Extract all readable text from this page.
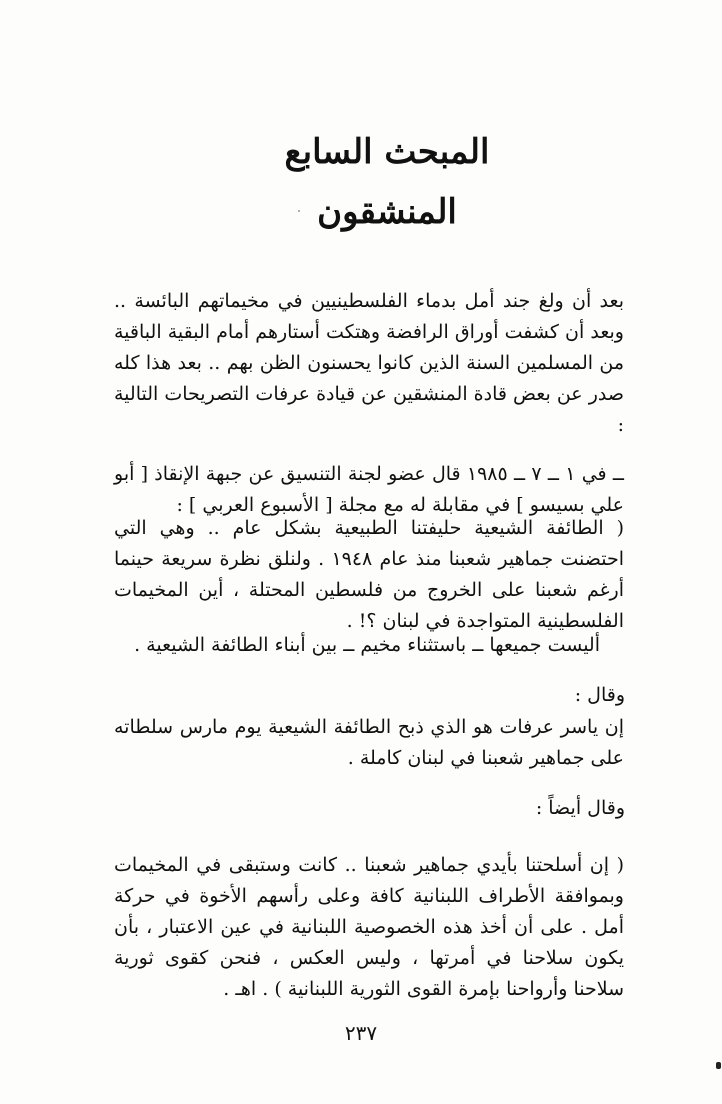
المبحث السابع
المنشقون
بعد أن ولغ جند أمل بدماء الفلسطينيين في مخيماتهم البائسة .. وبعد أن كشفت أوراق الرافضة وهتكت أستارهم أمام البقية الباقية من المسلمين السنة الذين كانوا يحسنون الظن بهم .. بعد هذا كله صدر عن بعض قادة المنشقين عن قيادة عرفات التصريحات التالية :
ــ في ١ ــ ٧ ــ ١٩٨٥ قال عضو لجنة التنسيق عن جبهة الإنقاذ [ أبو علي بسيسو ] في مقابلة له مع مجلة [ الأسبوع العربي ] :
( الطائفة الشيعية حليفتنا الطبيعية بشكل عام .. وهي التي احتضنت جماهير شعبنا منذ عام ١٩٤٨ . ولنلق نظرة سريعة حينما أرغم شعبنا على الخروج من فلسطين المحتلة ، أين المخيمات الفلسطينية المتواجدة في لبنان ؟! .
أليست جميعها ــ باستثناء مخيم ــ بين أبناء الطائفة الشيعية .
وقال :
إن ياسر عرفات هو الذي ذبح الطائفة الشيعية يوم مارس سلطاته على جماهير شعبنا في لبنان كاملة .
وقال أيضاً :
( إن أسلحتنا بأيدي جماهير شعبنا .. كانت وستبقى في المخيمات وبموافقة الأطراف اللبنانية كافة وعلى رأسهم الأخوة في حركة أمل . على أن أخذ هذه الخصوصية اللبنانية في عين الاعتبار ، بأن يكون سلاحنا في أمرتها ، وليس العكس ، فنحن كقوى ثورية سلاحنا وأرواحنا بإمرة القوى الثورية اللبنانية ) . اهـ .
٢٣٧
